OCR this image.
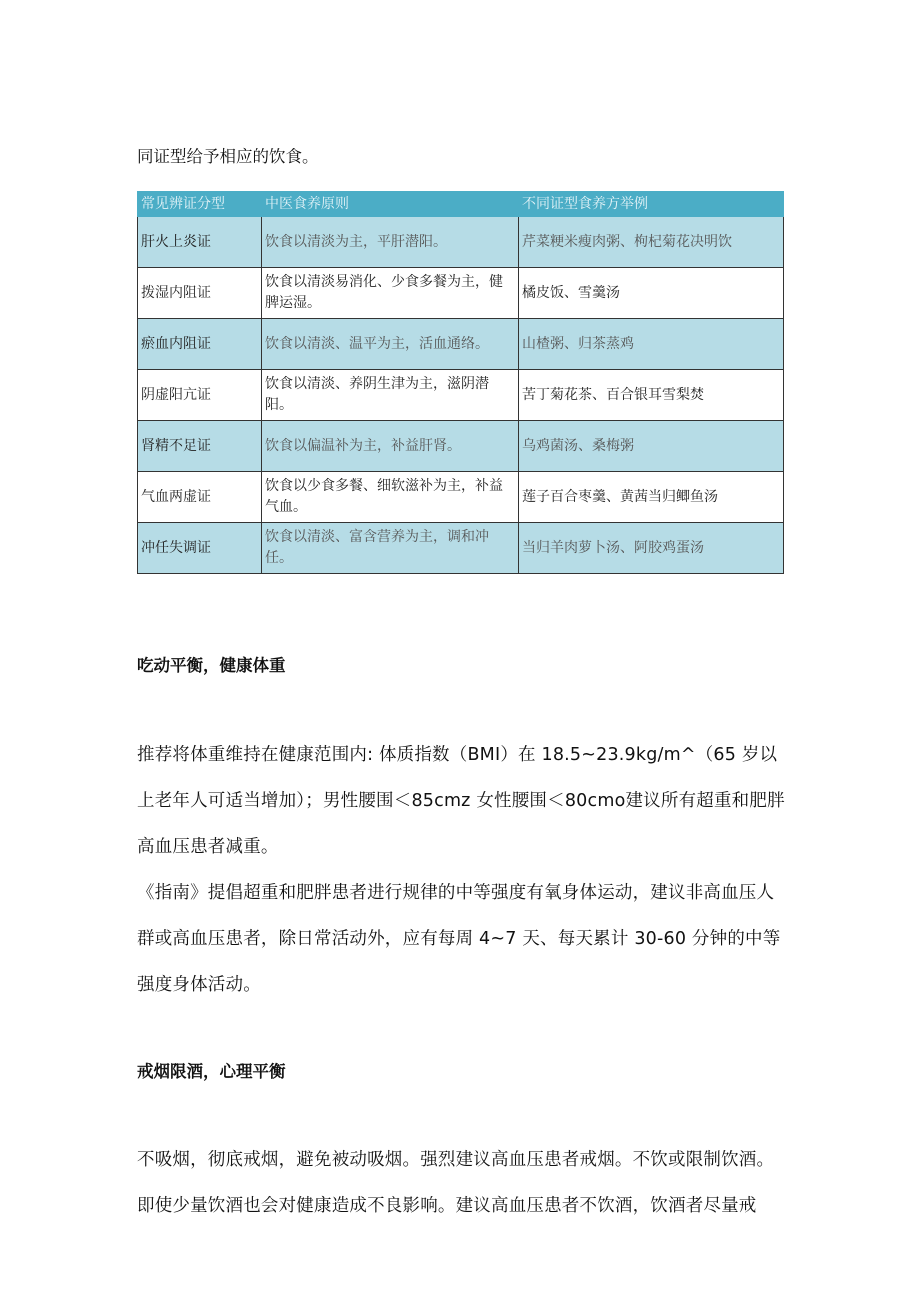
同证型给予相应的饮食。

常见辨证分型	中医食养原则	不同证型食养方举例
肝火上炎证	饮食以清淡为主，平肝潜阳。	芹菜粳米瘦肉粥、枸杞菊花决明饮
拨湿内阻证	饮食以清淡易消化、少食多餐为主，健脾运湿。	橘皮饭、雪羹汤
瘀血内阻证	饮食以清淡、温平为主，活血通络。	山楂粥、归茶蒸鸡
阴虚阳亢证	饮食以清淡、养阴生津为主，滋阴潜阳。	苦丁菊花茶、百合银耳雪梨焚
肾精不足证	饮食以偏温补为主，补益肝肾。	乌鸡菌汤、桑梅粥
气血两虚证	饮食以少食多餐、细软滋补为主，补益气血。	莲子百合枣羹、黄茜当归鲫鱼汤
冲任失调证	饮食以清淡、富含营养为主，调和冲任。	当归羊肉萝卜汤、阿胶鸡蛋汤
吃动平衡，健康体重

推荐将体重维持在健康范围内: 体质指数（BMI）在 18.5~23.9kg/m^（65 岁以上老年人可适当增加）；男性腰围＜85cmz 女性腰围＜80cmo建议所有超重和肥胖高血压患者减重。

《指南》提倡超重和肥胖患者进行规律的中等强度有氧身体运动，建议非高血压人群或高血压患者，除日常活动外，应有每周 4~7 天、每天累计 30-60 分钟的中等强度身体活动。

戒烟限酒，心理平衡

不吸烟，彻底戒烟，避免被动吸烟。强烈建议高血压患者戒烟。不饮或限制饮酒。即使少量饮酒也会对健康造成不良影响。建议高血压患者不饮酒，饮酒者尽量戒
